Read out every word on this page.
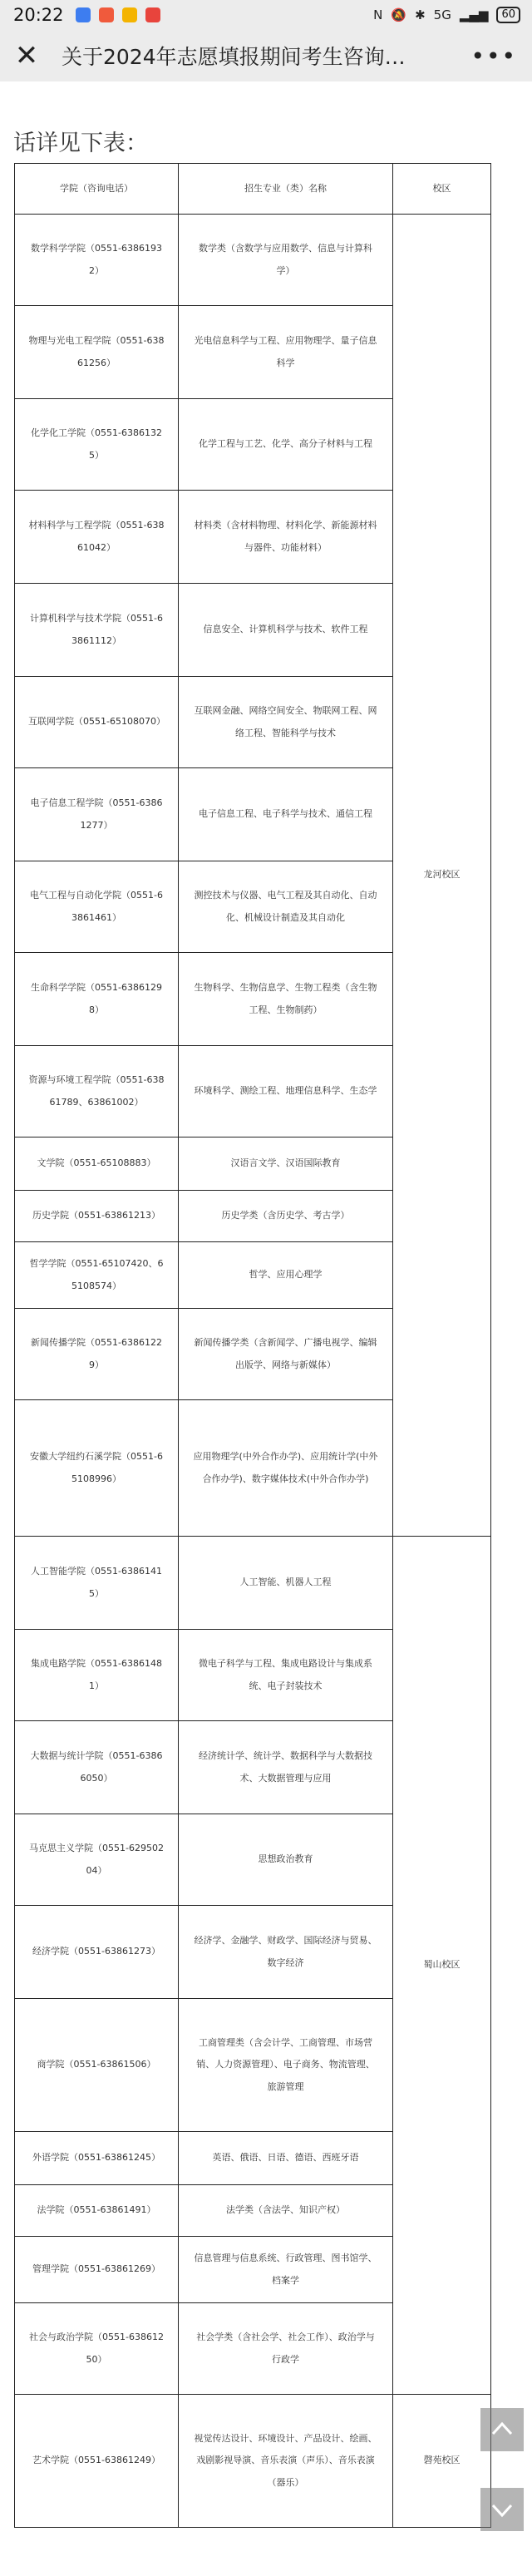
20:22	N 🔕 ✱ 5G ▂▄▆	60
✕ 关于2024年志愿填报期间考生咨询…	•••
话详见下表：
学院（咨询电话）	招生专业（类）名称	校区
数学科学学院（0551-63861932）	数学类（含数学与应用数学、信息与计算科学）	龙河校区
物理与光电工程学院（0551-63861256）	光电信息科学与工程、应用物理学、量子信息科学	
化学化工学院（0551-63861325）	化学工程与工艺、化学、高分子材料与工程	
材料科学与工程学院（0551-63861042）	材料类（含材料物理、材料化学、新能源材料与器件、功能材料）	
计算机科学与技术学院（0551-63861112）	信息安全、计算机科学与技术、软件工程	
互联网学院（0551-65108070）	互联网金融、网络空间安全、物联网工程、网络工程、智能科学与技术	
电子信息工程学院（0551-63861277）	电子信息工程、电子科学与技术、通信工程	
电气工程与自动化学院（0551-63861461）	测控技术与仪器、电气工程及其自动化、自动化、机械设计制造及其自动化	
生命科学学院（0551-63861298）	生物科学、生物信息学、生物工程类（含生物工程、生物制药）	
资源与环境工程学院（0551-63861789、63861002）	环境科学、测绘工程、地理信息科学、生态学	
文学院（0551-65108883）	汉语言文学、汉语国际教育	
历史学院（0551-63861213）	历史学类（含历史学、考古学）	
哲学学院（0551-65107420、65108574）	哲学、应用心理学	
新闻传播学院（0551-63861229）	新闻传播学类（含新闻学、广播电视学、编辑出版学、网络与新媒体）	
安徽大学纽约石溪学院（0551-65108996）	应用物理学(中外合作办学)、应用统计学(中外合作办学)、数字媒体技术(中外合作办学)	
人工智能学院（0551-63861415）	人工智能、机器人工程	蜀山校区
集成电路学院（0551-63861481）	微电子科学与工程、集成电路设计与集成系统、电子封装技术	
大数据与统计学院（0551-63866050）	经济统计学、统计学、数据科学与大数据技术、大数据管理与应用	
马克思主义学院（0551-62950204）	思想政治教育	
经济学院（0551-63861273）	经济学、金融学、财政学、国际经济与贸易、数字经济	
商学院（0551-63861506）	工商管理类（含会计学、工商管理、市场营销、人力资源管理）、电子商务、物流管理、旅游管理	
外语学院（0551-63861245）	英语、俄语、日语、德语、西班牙语	
法学院（0551-63861491）	法学类（含法学、知识产权）	
管理学院（0551-63861269）	信息管理与信息系统、行政管理、图书馆学、档案学	
社会与政治学院（0551-63861250）	社会学类（含社会学、社会工作）、政治学与行政学	
艺术学院（0551-63861249）	视觉传达设计、环境设计、产品设计、绘画、戏剧影视导演、音乐表演（声乐）、音乐表演（器乐）	磬苑校区
